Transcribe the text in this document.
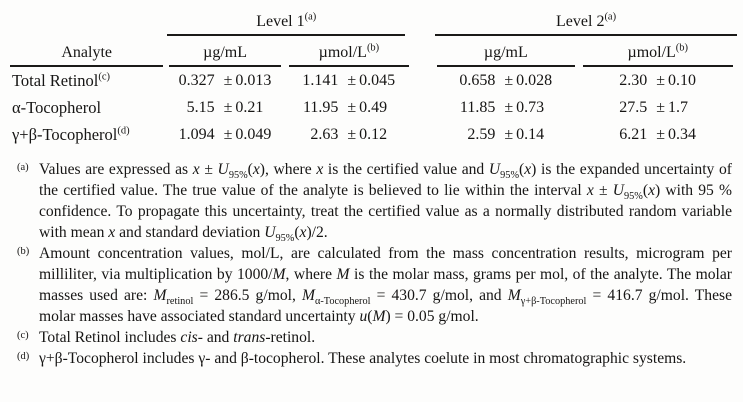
	Level 1$^{(a)}$			Level 2$^{(a)}$

Analyte	µg/mL	µmol/$L^{(b)}$		µg/mL	µmol/$L^{(b)}$

Total Retinol$^{(c)}$	0.327 ± 0.013	1.141 ± 0.045		0.658 ± 0.028	2.30 ± 0.10
α-Tocopherol	5.15 ± 0.21	11.95 ± 0.49		11.85 ± 0.73	27.5 ± 1.7
γ+β-Tocopherol$^{(d)}$	1.094 ± 0.049	2.63 ± 0.12		2.59 ± 0.14	6.21 ± 0.34
(a) Values are expressed as $x \pm U_{95\%}(x)$, where x is the certified value and $U_{95\%}(x)$ is the expanded uncertainty of the certified value. The true value of the analyte is believed to lie within the interval $x \pm U_{95\%}(x)$ with 95 % confidence. To propagate this uncertainty, treat the certified value as a normally distributed random variable with mean x and standard deviation $U_{95\%}(x)/2$.
(b) Amount concentration values, mol/L, are calculated from the mass concentration results, microgram per milliliter, via multiplication by 1000/M, where M is the molar mass, grams per mol, of the analyte. The molar masses used are: $M_{retinol} = 286.5$ g/mol, $M_{\alpha-Tocopherol} = 430.7$ g/mol, and $M_{\gamma+\beta-Tocopherol} = 416.7$ g/mol. These molar masses have associated standard uncertainty u(M) = 0.05 g/mol.
(c) Total Retinol includes cis- and trans-retinol.
(d) γ+β-Tocopherol includes γ- and β-tocopherol. These analytes coelute in most chromatographic systems.
